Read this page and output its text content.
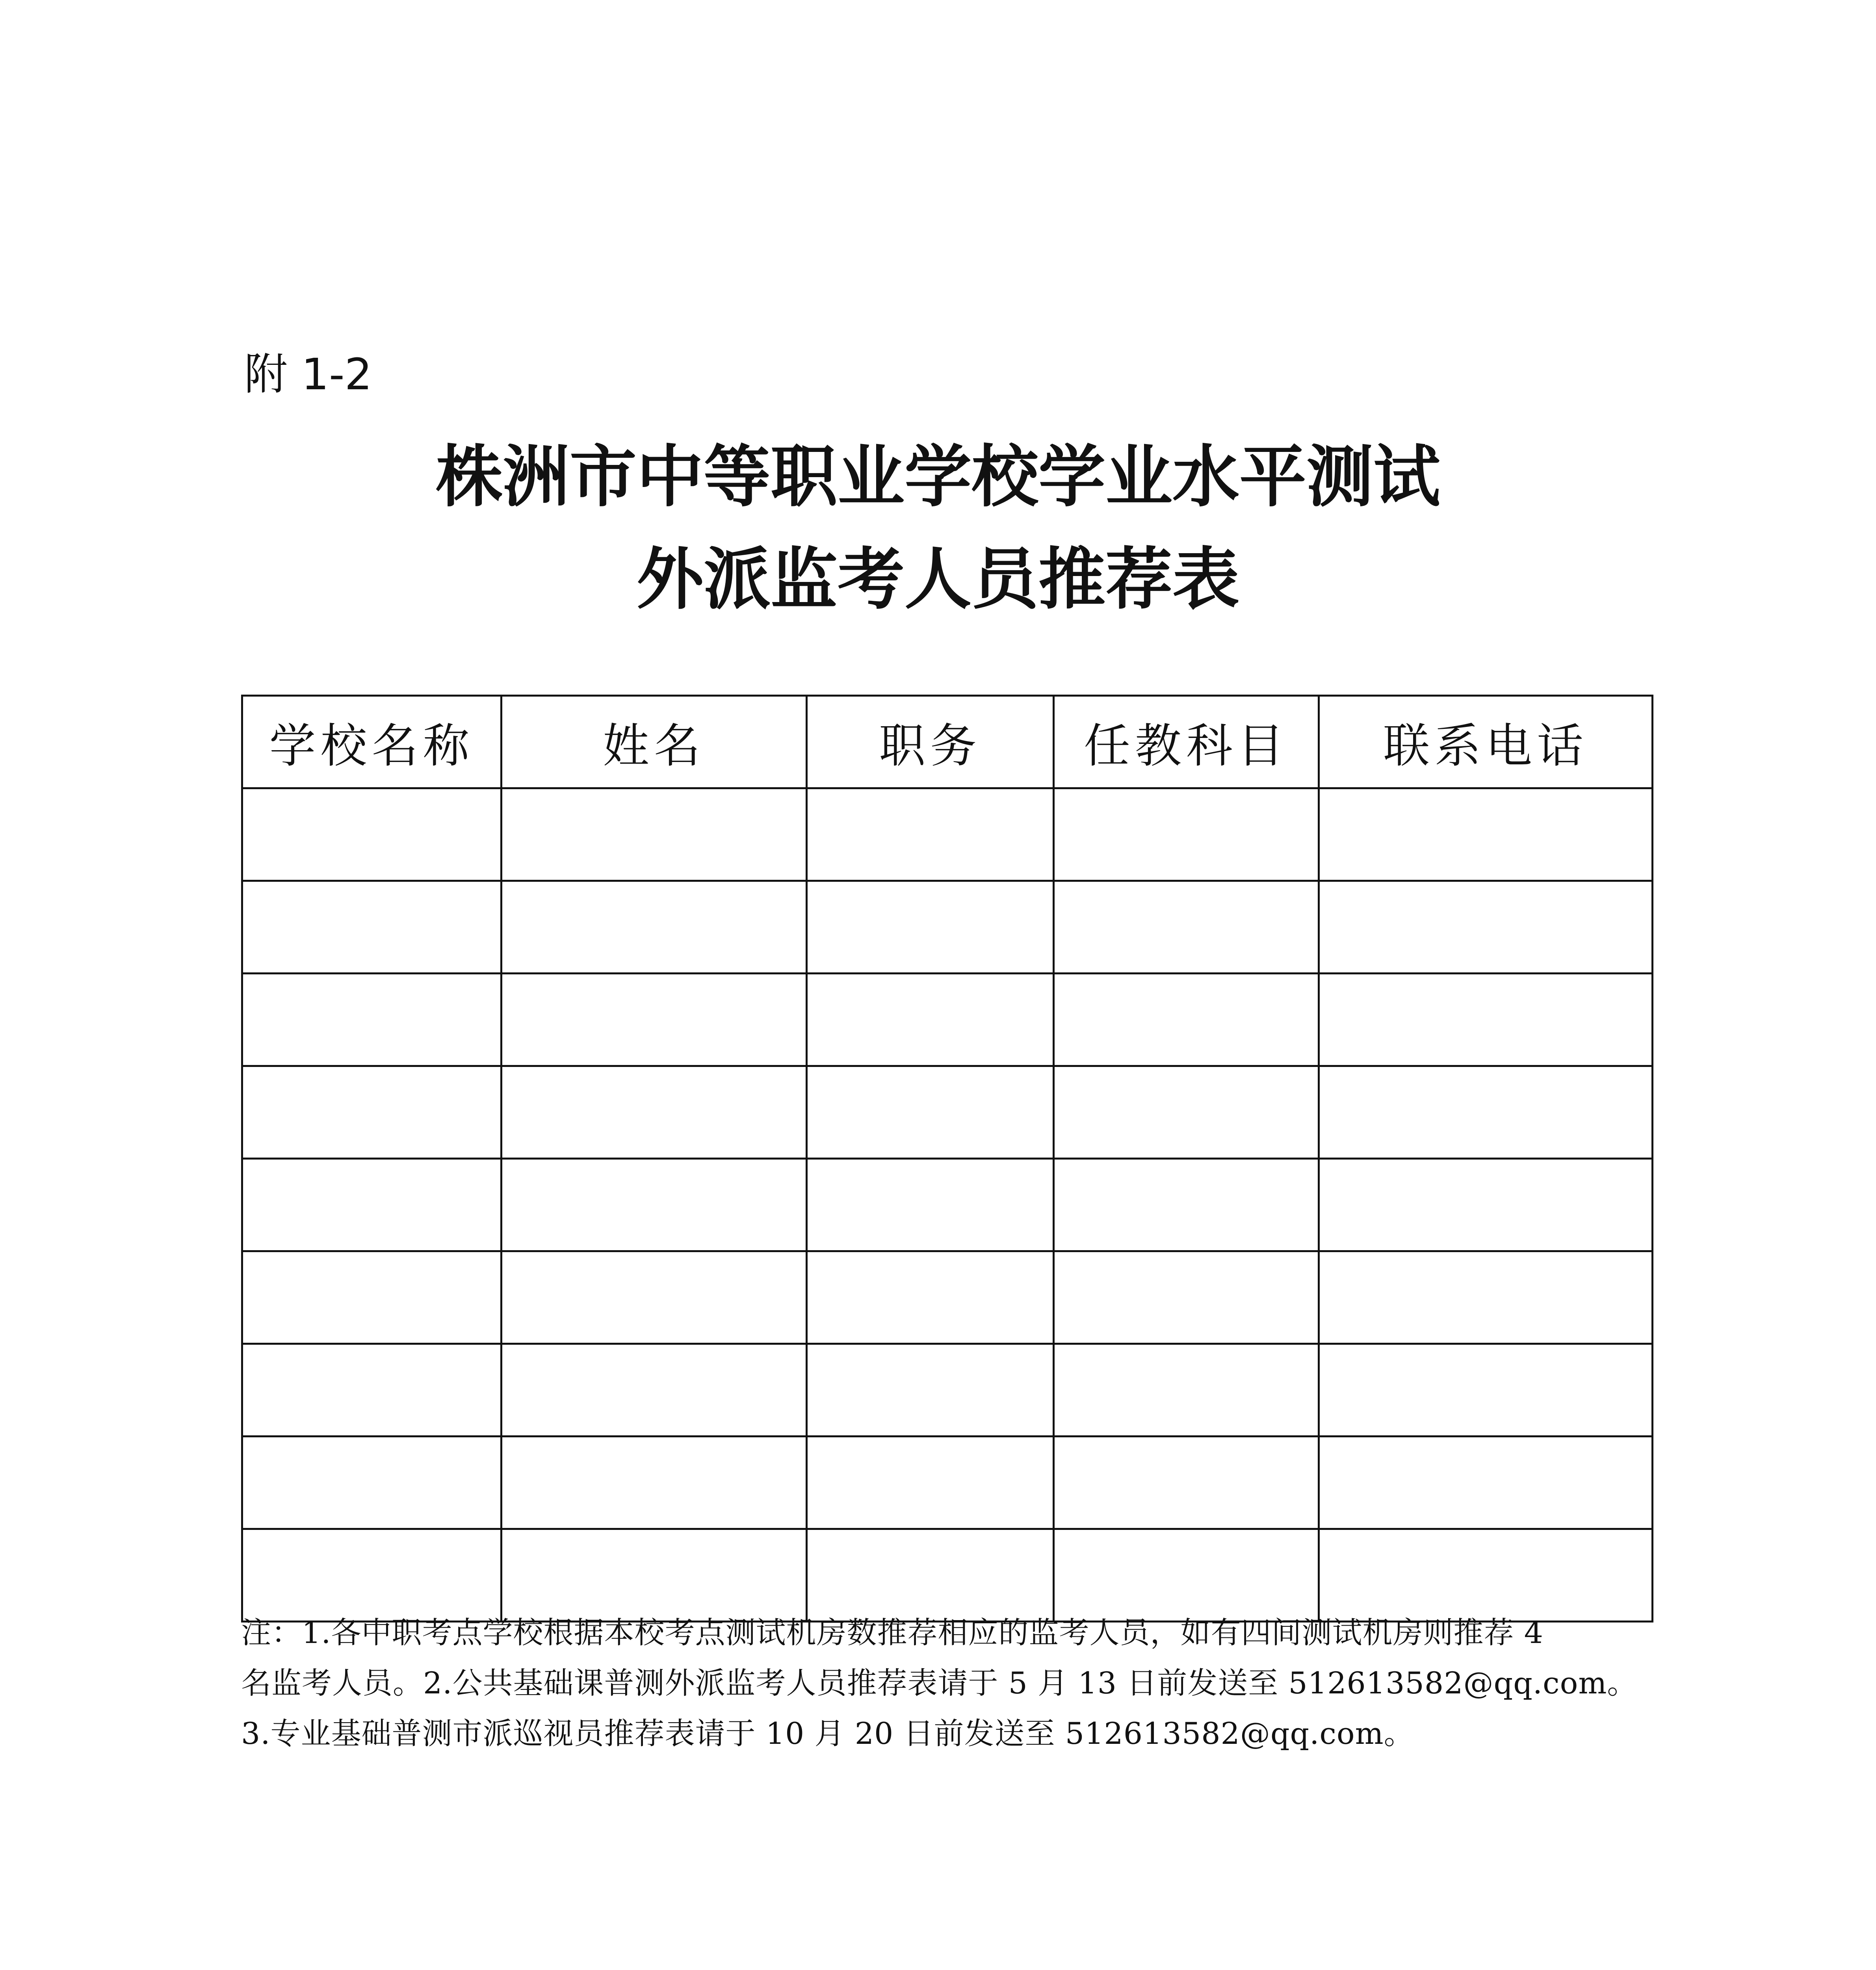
附 1-2
株洲市中等职业学校学业水平测试
外派监考人员推荐表
学校名称	姓名	职务	任教科目	联系电话

注：1.各中职考点学校根据本校考点测试机房数推荐相应的监考人员，如有四间测试机房则推荐 4
名监考人员。2.公共基础课普测外派监考人员推荐表请于 5 月 13 日前发送至 512613582@qq.com。
3.专业基础普测市派巡视员推荐表请于 10 月 20 日前发送至 512613582@qq.com。
